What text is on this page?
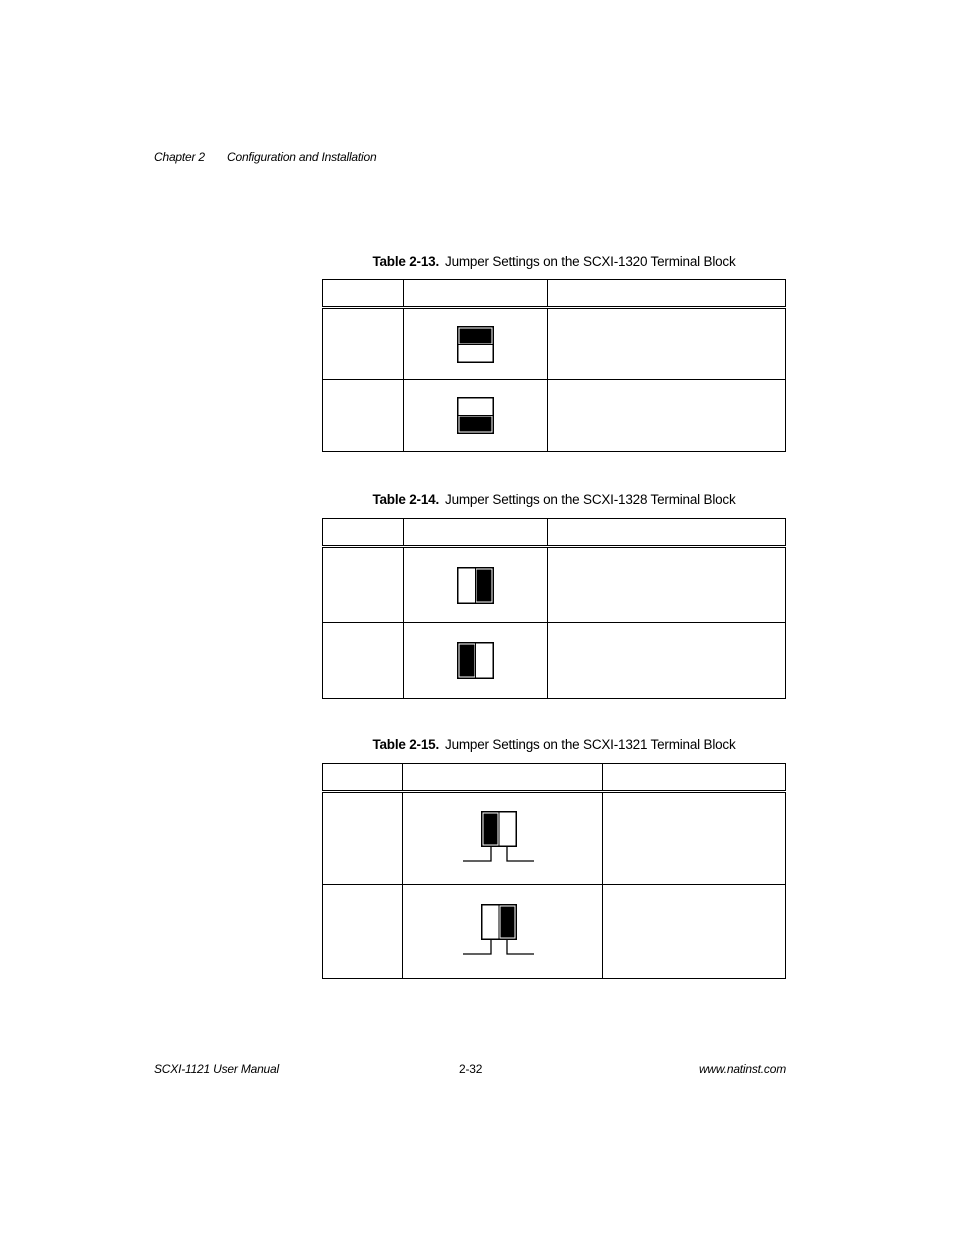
Chapter 2 Configuration and Installation
Table 2-13. Jumper Settings on the SCXI-1320 Terminal Block

Table 2-14. Jumper Settings on the SCXI-1328 Terminal Block

Table 2-15. Jumper Settings on the SCXI-1321 Terminal Block

SCXI-1121 User Manual	2-32	www.natinst.com
